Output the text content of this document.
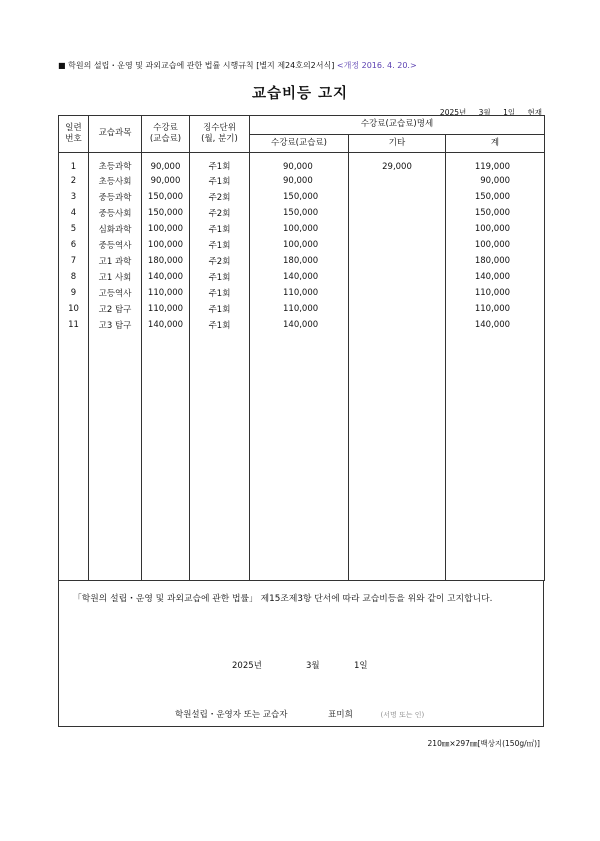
■ 학원의 설립・운영 및 과외교습에 관한 법률 시행규칙 [별지 제24호의2서식] <개정 2016. 4. 20.>
교습비등 고지
2025년 3월 1일 현재
일련
번호	교습과목	수강료
(교습료)	징수단위
(월, 분기)	수강료(교습료)명세		
				수강료(교습료)	기타	계
1	초등과학	90,000	주1회	90,000	29,000	119,000
2	초등사회	90,000	주1회	90,000		90,000
3	중등과학	150,000	주2회	150,000		150,000
4	중등사회	150,000	주2회	150,000		150,000
5	심화과학	100,000	주1회	100,000		100,000
6	중등역사	100,000	주1회	100,000		100,000
7	고1 과학	180,000	주2회	180,000		180,000
8	고1 사회	140,000	주1회	140,000		140,000
9	고등역사	110,000	주1회	110,000		110,000
10	고2 탐구	110,000	주1회	110,000		110,000
11	고3 탐구	140,000	주1회	140,000		140,000

「학원의 설립・운영 및 과외교습에 관한 법률」 제15조제3항 단서에 따라 교습비등을 위와 같이 고지합니다.
2025년	3월	1일
학원설립・운영자 또는 교습자	표미희	(서명 또는 인)
210㎜×297㎜[백상지(150g/㎡)]
